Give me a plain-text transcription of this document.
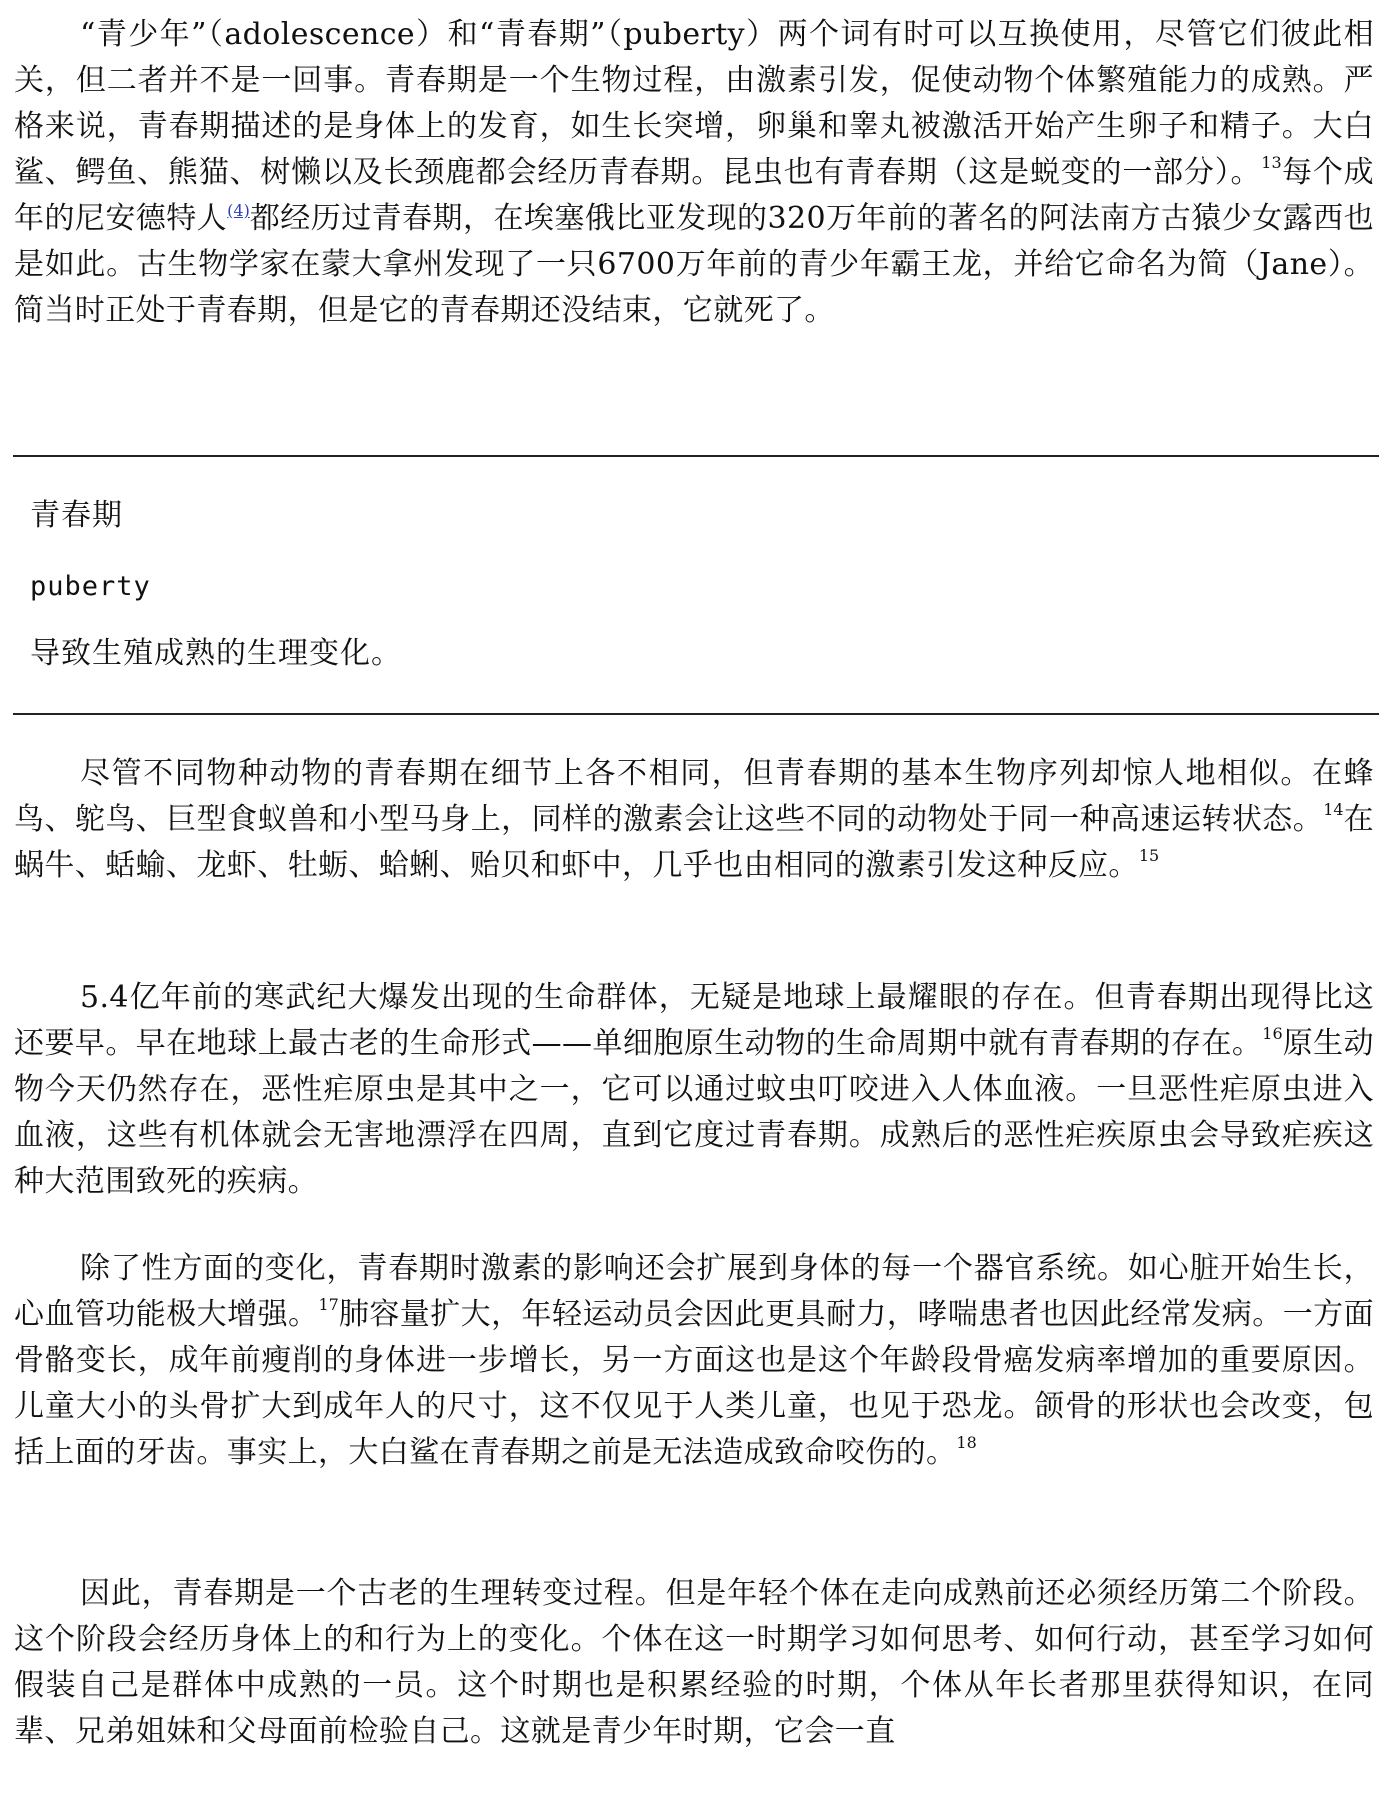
“青少年”（adolescence）和“青春期”（puberty）两个词有时可以互换使用，尽管它们彼此相关，但二者并不是一回事。青春期是一个生物过程，由激素引发，促使动物个体繁殖能力的成熟。严格来说，青春期描述的是身体上的发育，如生长突增，卵巢和睾丸被激活开始产生卵子和精子。大白鲨、鳄鱼、熊猫、树懒以及长颈鹿都会经历青春期。昆虫也有青春期（这是蜕变的一部分）。$^{13}$每个成年的尼安德特人$^{(4)}$都经历过青春期，在埃塞俄比亚发现的320万年前的著名的阿法南方古猿少女露西也是如此。古生物学家在蒙大拿州发现了一只6700万年前的青少年霸王龙，并给它命名为简（Jane）。简当时正处于青春期，但是它的青春期还没结束，它就死了。

青春期

puberty

导致生殖成熟的生理变化。

尽管不同物种动物的青春期在细节上各不相同，但青春期的基本生物序列却惊人地相似。在蜂鸟、鸵鸟、巨型食蚁兽和小型马身上，同样的激素会让这些不同的动物处于同一种高速运转状态。$^{14}$在蜗牛、蛞蝓、龙虾、牡蛎、蛤蜊、贻贝和虾中，几乎也由相同的激素引发这种反应。$^{15}$

5.4亿年前的寒武纪大爆发出现的生命群体，无疑是地球上最耀眼的存在。但青春期出现得比这还要早。早在地球上最古老的生命形式——单细胞原生动物的生命周期中就有青春期的存在。$^{16}$原生动物今天仍然存在，恶性疟原虫是其中之一，它可以通过蚊虫叮咬进入人体血液。一旦恶性疟原虫进入血液，这些有机体就会无害地漂浮在四周，直到它度过青春期。成熟后的恶性疟疾原虫会导致疟疾这种大范围致死的疾病。

除了性方面的变化，青春期时激素的影响还会扩展到身体的每一个器官系统。如心脏开始生长，心血管功能极大增强。$^{17}$肺容量扩大，年轻运动员会因此更具耐力，哮喘患者也因此经常发病。一方面骨骼变长，成年前瘦削的身体进一步增长，另一方面这也是这个年龄段骨癌发病率增加的重要原因。儿童大小的头骨扩大到成年人的尺寸，这不仅见于人类儿童，也见于恐龙。颌骨的形状也会改变，包括上面的牙齿。事实上，大白鲨在青春期之前是无法造成致命咬伤的。$^{18}$

因此，青春期是一个古老的生理转变过程。但是年轻个体在走向成熟前还必须经历第二个阶段。这个阶段会经历身体上的和行为上的变化。个体在这一时期学习如何思考、如何行动，甚至学习如何假装自己是群体中成熟的一员。这个时期也是积累经验的时期，个体从年长者那里获得知识，在同辈、兄弟姐妹和父母面前检验自己。这就是青少年时期，它会一直
